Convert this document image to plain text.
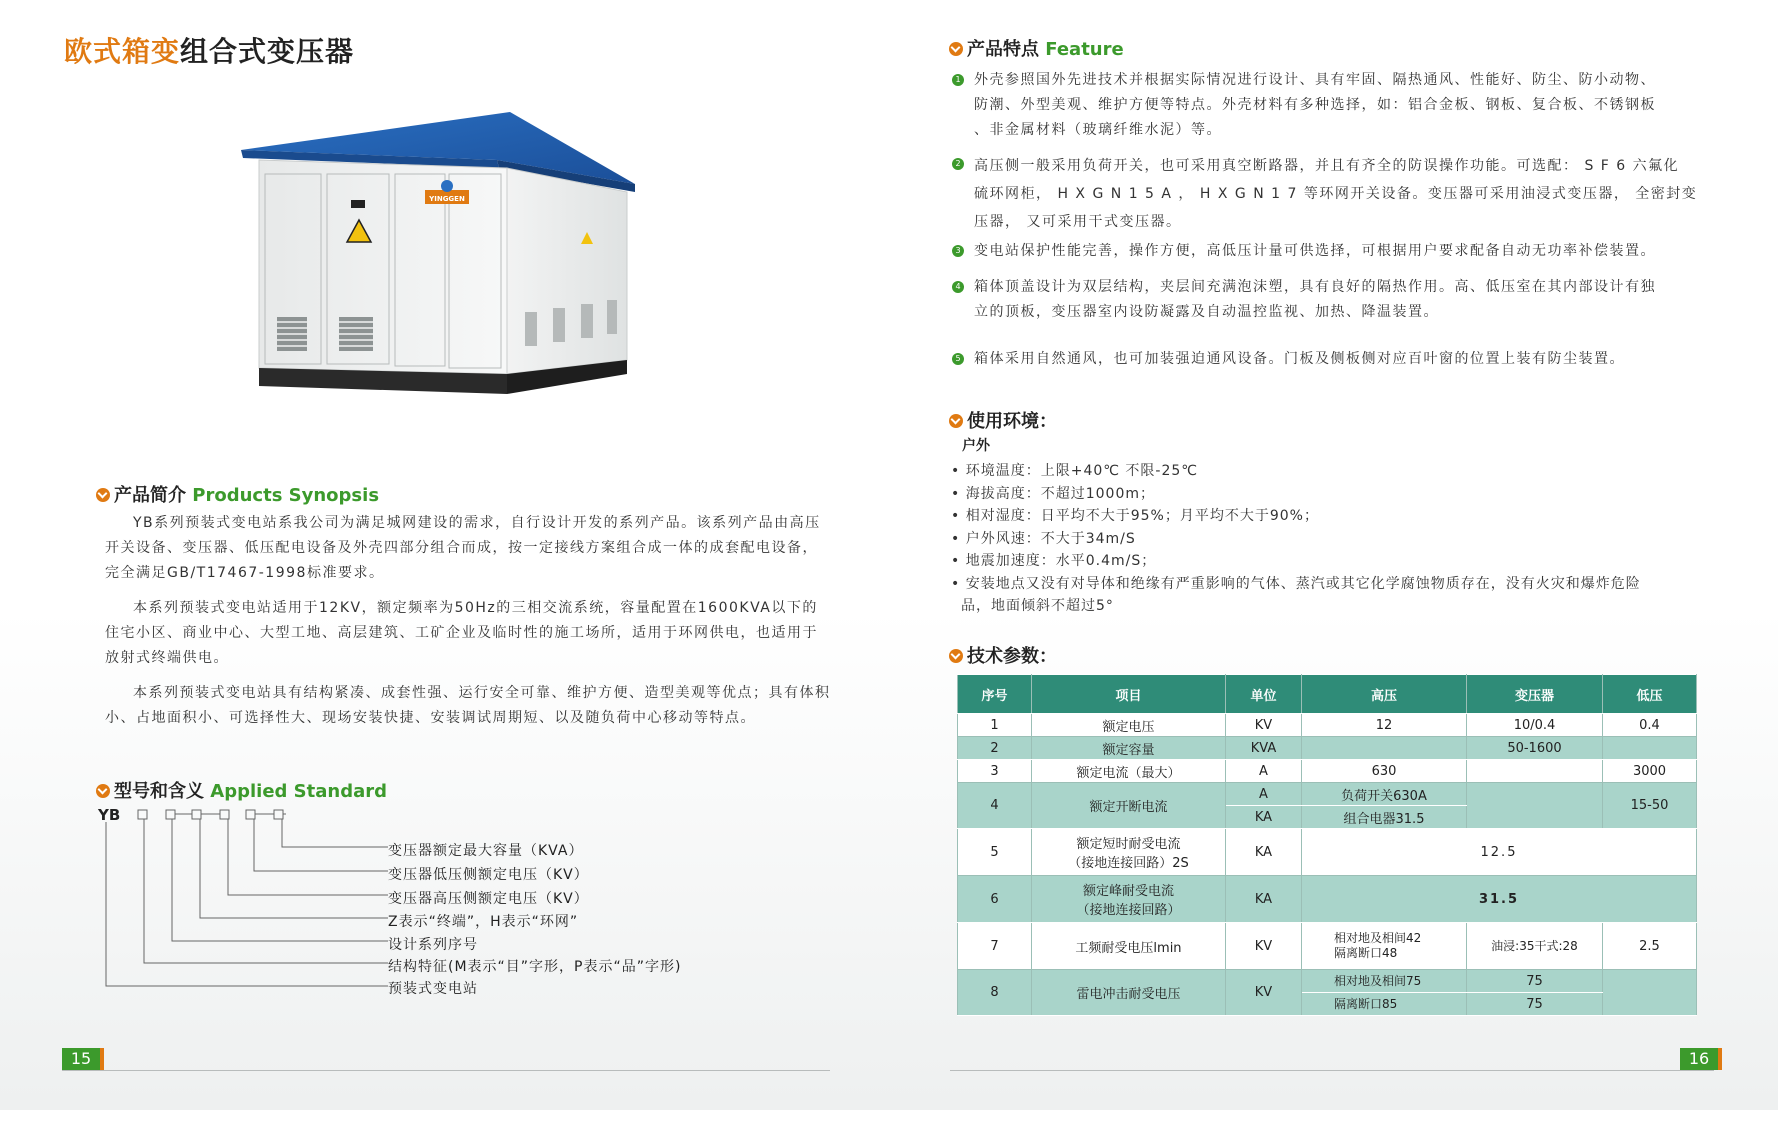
欧式箱变组合式变压器
YINGGEN
产品简介 Products Synopsis

YB系列预装式变电站系我公司为满足城网建设的需求，自行设计开发的系列产品。该系列产品由高压开关设备、变压器、低压配电设备及外壳四部分组合而成，按一定接线方案组合成一体的成套配电设备，完全满足GB/T17467-1998标准要求。

本系列预装式变电站适用于12KV，额定频率为50Hz的三相交流系统，容量配置在1600KVA以下的住宅小区、商业中心、大型工地、高层建筑、工矿企业及临时性的施工场所，适用于环网供电，也适用于放射式终端供电。

本系列预装式变电站具有结构紧凑、成套性强、运行安全可靠、维护方便、造型美观等优点；具有体积小、占地面积小、可选择性大、现场安装快捷、安装调试周期短、以及随负荷中心移动等特点。

型号和含义 Applied Standard
YB
变压器额定最大容量（KVA）
变压器低压侧额定电压（KV）
变压器高压侧额定电压（KV）
Z表示“终端”，H表示“环网”
设计系列序号
结构特征(M表示“目”字形，P表示“品”字形)
预装式变电站
15
产品特点 Feature
1 外壳参照国外先进技术并根据实际情况进行设计、具有牢固、隔热通风、性能好、防尘、防小动物、
防潮、外型美观、维护方便等特点。外壳材料有多种选择，如：铝合金板、钢板、复合板、不锈钢板
、非金属材料（玻璃纤维水泥）等。
2 高压侧一般采用负荷开关，也可采用真空断路器，并且有齐全的防误操作功能。可选配： S F 6 六氟化
硫环网柜， H X G N 1 5 A ， H X G N 1 7 等环网开关设备。变压器可采用油浸式变压器， 全密封变
压器， 又可采用干式变压器。
3 变电站保护性能完善，操作方便，高低压计量可供选择，可根据用户要求配备自动无功率补偿装置。
4 箱体顶盖设计为双层结构，夹层间充满泡沫塑，具有良好的隔热作用。高、低压室在其内部设计有独
立的顶板，变压器室内设防凝露及自动温控监视、加热、降温装置。
5 箱体采用自然通风，也可加装强迫通风设备。门板及侧板侧对应百叶窗的位置上装有防尘装置。
使用环境：
户外
• 环境温度：上限+40℃ 不限-25℃
• 海拔高度：不超过1000m；
• 相对湿度：日平均不大于95%；月平均不大于90%；
• 户外风速：不大于34m/S
• 地震加速度：水平0.4m/S；
• 安装地点又没有对导体和绝缘有严重影响的气体、蒸汽或其它化学腐蚀物质存在，没有火灾和爆炸危险
品，地面倾斜不超过5°
技术参数：
序号	项目	单位	高压	变压器	低压
1	额定电压	KV	12	10/0.4	0.4
2	额定容量	KVA		50-1600	
3	额定电流（最大）	A	630		3000
4	额定开断电流	A	负荷开关630A		15-50
		KA	组合电器31.5		
5	额定短时耐受电流
（接地连接回路）2S	KA	12.5		
6	额定峰耐受电流
（接地连接回路）	KA	31.5		
7	工频耐受电压lmin	KV	相对地及相间42
隔离断口48	油浸:35干式:28	2.5
8	雷电冲击耐受电压	KV	相对地及相间75	75	
			隔离断口85	75	
16
